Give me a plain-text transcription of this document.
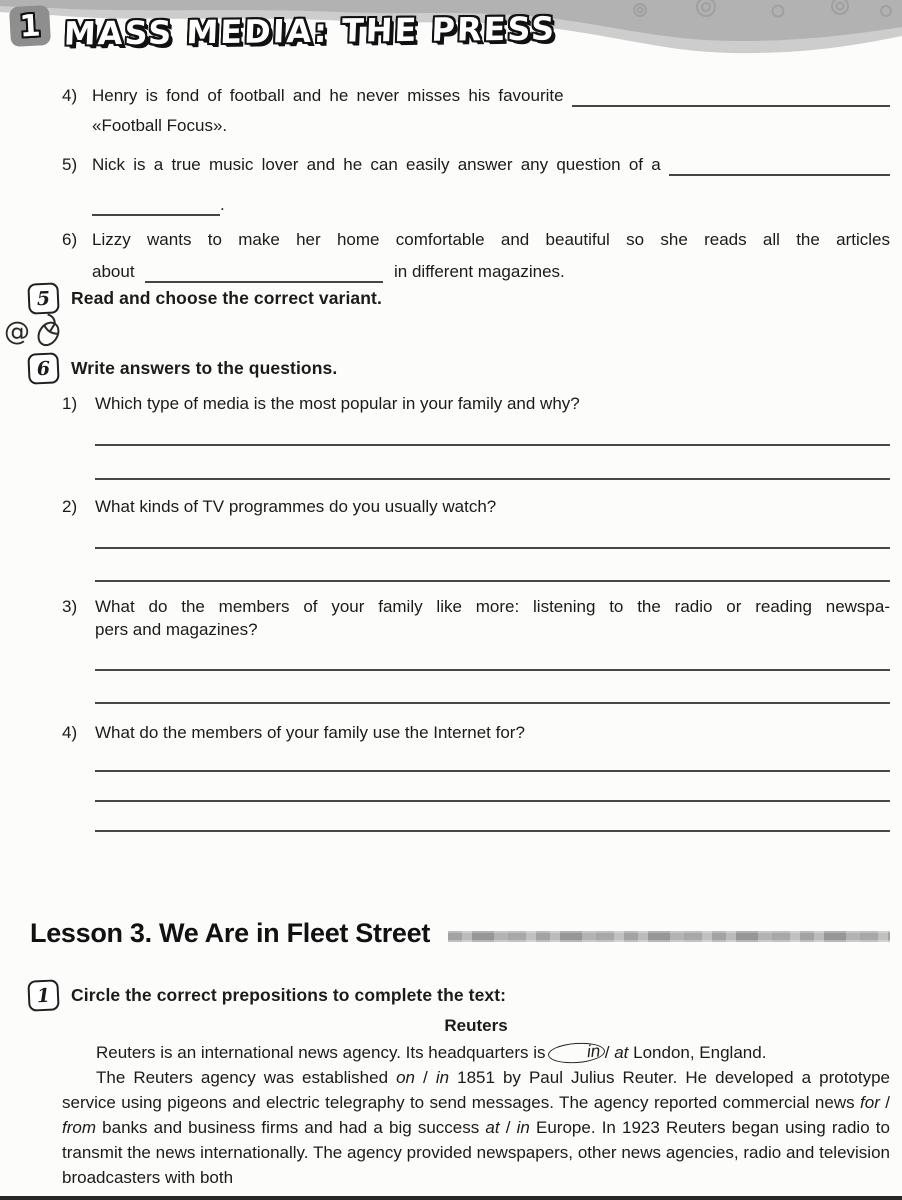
1 MASS MEDIA: THE PRESS
4) Henry is fond of football and he never misses his favourite
«Football Focus».
5) Nick is a true music lover and he can easily answer any question of a
.
6) Lizzy wants to make her home comfortable and beautiful so she reads all the articles
about	in different magazines.
5 Read and choose the correct variant.
@
6 Write answers to the questions.
1)	Which type of media is the most popular in your family and why?
2)	What kinds of TV programmes do you usually watch?
3)	What do the members of your family like more: listening to the radio or reading newspa-
pers and magazines?
4)	What do the members of your family use the Internet for?
Lesson 3. We Are in Fleet Street
1 Circle the correct prepositions to complete the text:
Reuters

Reuters is an international news agency. Its headquarters is in / at London, England.

The Reuters agency was established on / in 1851 by Paul Julius Reuter. He developed a prototype service using pigeons and electric telegraphy to send messages. The agency reported commercial news for / from banks and business firms and had a big success at / in Europe. In 1923 Reuters began using radio to transmit the news internationally. The agency provided newspapers, other news agencies, radio and television broadcasters with both
